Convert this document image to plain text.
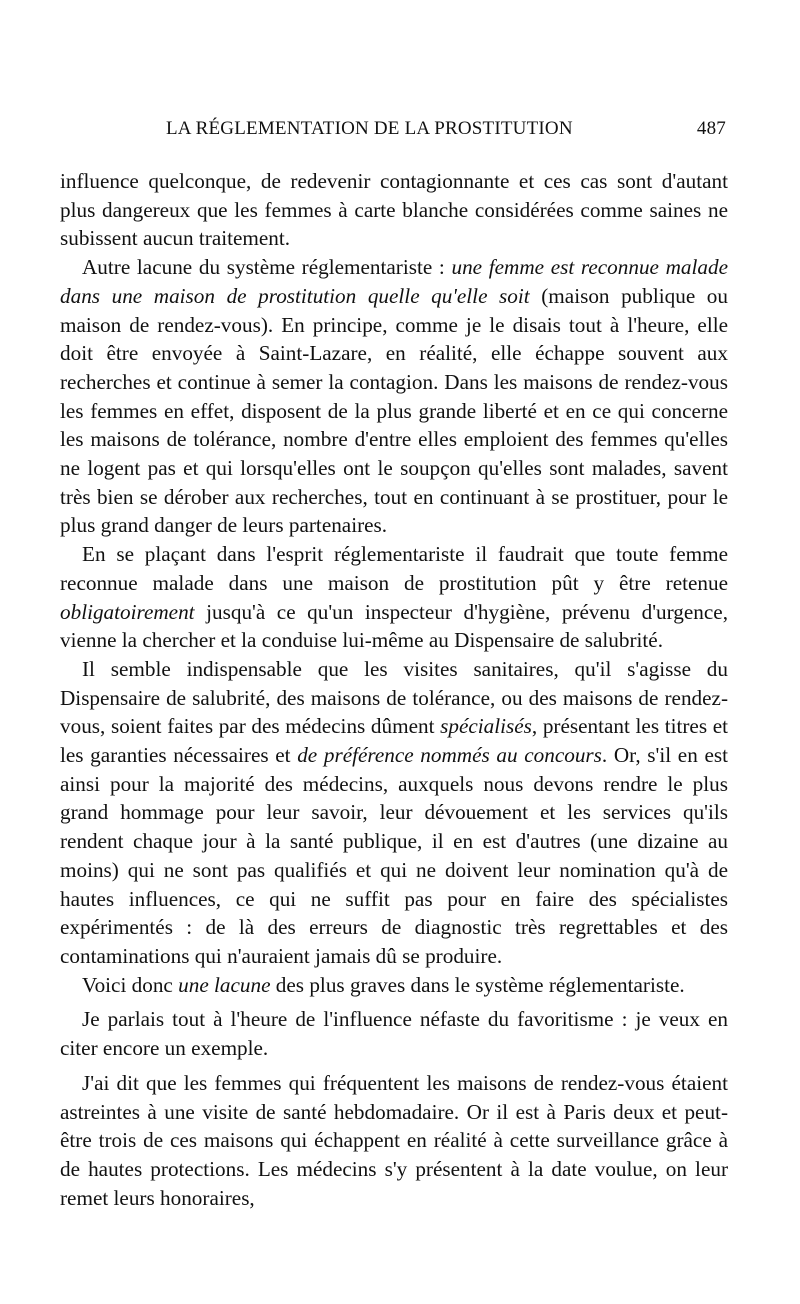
LA RÉGLEMENTATION DE LA PROSTITUTION	487

influence quelconque, de redevenir contagionnante et ces cas sont d'autant plus dangereux que les femmes à carte blanche considérées comme saines ne subissent aucun traitement.

Autre lacune du système réglementariste : une femme est reconnue malade dans une maison de prostitution quelle qu'elle soit (maison publique ou maison de rendez-vous). En principe, comme je le disais tout à l'heure, elle doit être envoyée à Saint-Lazare, en réalité, elle échappe souvent aux recherches et continue à semer la contagion. Dans les maisons de rendez-vous les femmes en effet, disposent de la plus grande liberté et en ce qui concerne les maisons de tolérance, nombre d'entre elles emploient des femmes qu'elles ne logent pas et qui lorsqu'elles ont le soupçon qu'elles sont malades, savent très bien se dérober aux recherches, tout en continuant à se prostituer, pour le plus grand danger de leurs partenaires.

En se plaçant dans l'esprit réglementariste il faudrait que toute femme reconnue malade dans une maison de prostitution pût y être retenue obligatoirement jusqu'à ce qu'un inspecteur d'hygiène, prévenu d'urgence, vienne la chercher et la conduise lui-même au Dispensaire de salubrité.

Il semble indispensable que les visites sanitaires, qu'il s'agisse du Dispensaire de salubrité, des maisons de tolérance, ou des maisons de rendez-vous, soient faites par des médecins dûment spécialisés, présentant les titres et les garanties nécessaires et de préférence nommés au concours. Or, s'il en est ainsi pour la majorité des médecins, auxquels nous devons rendre le plus grand hommage pour leur savoir, leur dévouement et les services qu'ils rendent chaque jour à la santé publique, il en est d'autres (une dizaine au moins) qui ne sont pas qualifiés et qui ne doivent leur nomination qu'à de hautes influences, ce qui ne suffit pas pour en faire des spécialistes expérimentés : de là des erreurs de diagnostic très regrettables et des contaminations qui n'auraient jamais dû se produire.

Voici donc une lacune des plus graves dans le système réglementariste.

Je parlais tout à l'heure de l'influence néfaste du favoritisme : je veux en citer encore un exemple.

J'ai dit que les femmes qui fréquentent les maisons de rendez-vous étaient astreintes à une visite de santé hebdomadaire. Or il est à Paris deux et peut-être trois de ces maisons qui échappent en réalité à cette surveillance grâce à de hautes protections. Les médecins s'y présentent à la date voulue, on leur remet leurs honoraires,
